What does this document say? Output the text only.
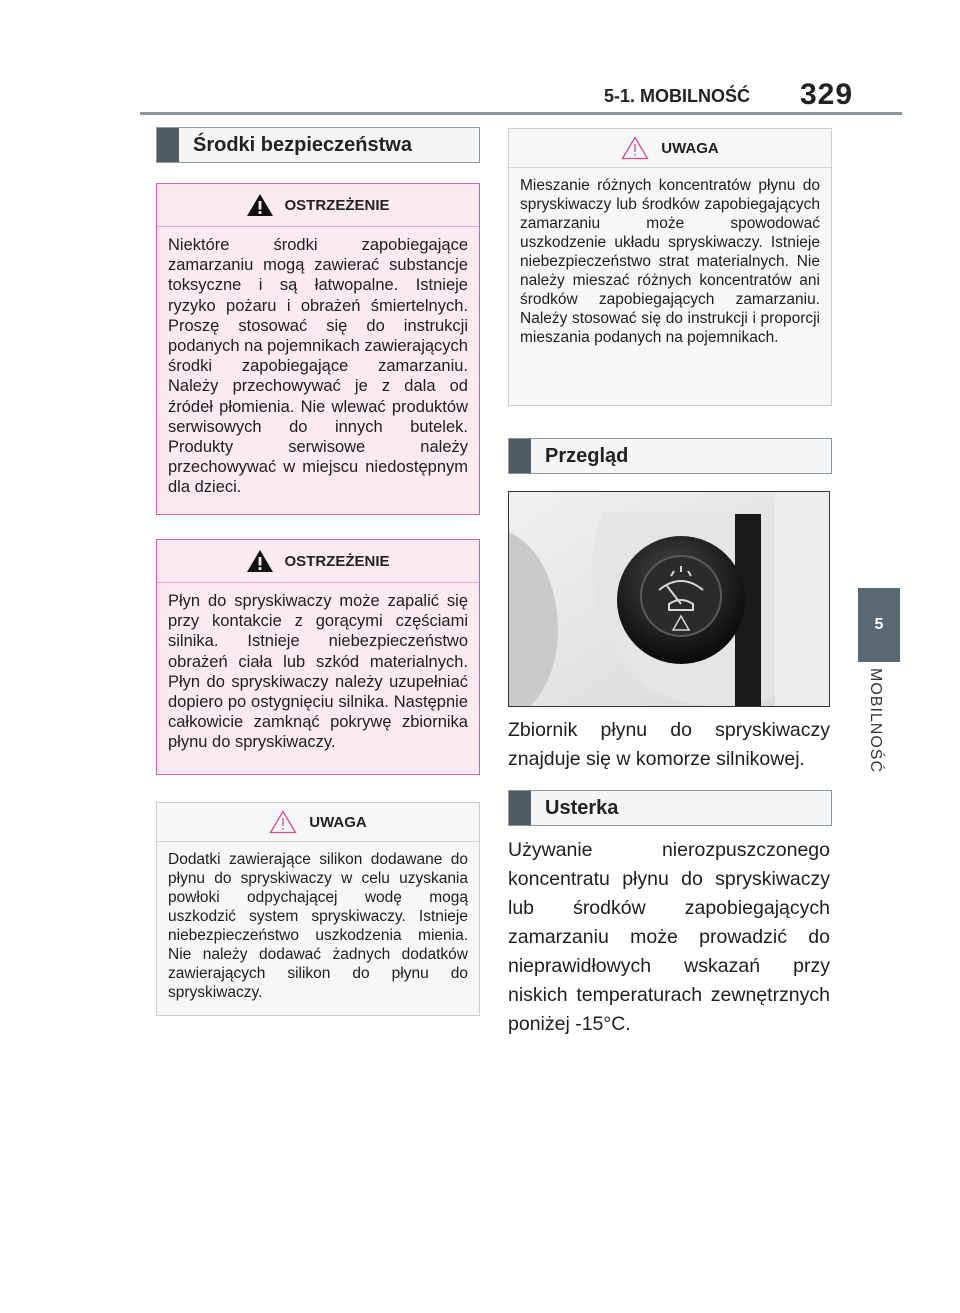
5-1. MOBILNOŚĆ 329
5
MOBILNOŚĆ
Środki bezpieczeństwa
OSTRZEŻENIE
Niektóre środki zapobiegające zamarzaniu mogą zawierać substancje toksyczne i są łatwopalne. Istnieje ryzyko pożaru i obrażeń śmiertelnych. Proszę stosować się do instrukcji podanych na pojemnikach zawierających środki zapobiegające zamarzaniu. Należy przechowywać je z dala od źródeł płomienia. Nie wlewać produktów serwisowych do innych butelek. Produkty serwisowe należy przechowywać w miejscu niedostępnym dla dzieci.
OSTRZEŻENIE
Płyn do spryskiwaczy może zapalić się przy kontakcie z gorącymi częściami silnika. Istnieje niebezpieczeństwo obrażeń ciała lub szkód materialnych. Płyn do spryskiwaczy należy uzupełniać dopiero po ostygnięciu silnika. Następnie całkowicie zamknąć pokrywę zbiornika płynu do spryskiwaczy.
UWAGA
Dodatki zawierające silikon dodawane do płynu do spryskiwaczy w celu uzyskania powłoki odpychającej wodę mogą uszkodzić system spryskiwaczy. Istnieje niebezpieczeństwo uszkodzenia mienia. Nie należy dodawać żadnych dodatków zawierających silikon do płynu do spryskiwaczy.
UWAGA
Mieszanie różnych koncentratów płynu do spryskiwaczy lub środków zapobiegających zamarzaniu może spowodować uszkodzenie układu spryskiwaczy. Istnieje niebezpieczeństwo strat materialnych. Nie należy mieszać różnych koncentratów ani środków zapobiegających zamarzaniu. Należy stosować się do instrukcji i proporcji mieszania podanych na pojemnikach.
Przegląd
Zbiornik płynu do spryskiwaczy znajduje się w komorze silnikowej.
Usterka
Używanie nierozpuszczonego koncentratu płynu do spryskiwaczy lub środków zapobiegających zamarzaniu może prowadzić do nieprawidłowych wskazań przy niskich temperaturach zewnętrznych poniżej -15°C.
